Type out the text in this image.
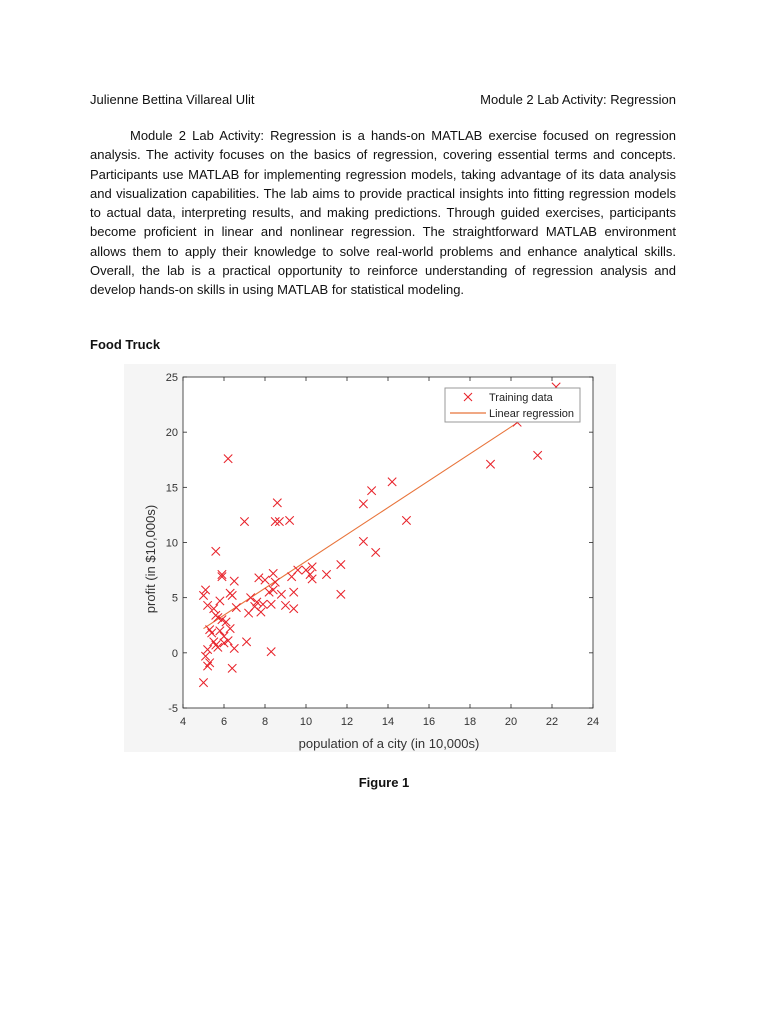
Julienne Bettina Villareal Ulit	Module 2 Lab Activity: Regression

Module 2 Lab Activity: Regression is a hands-on MATLAB exercise focused on regression analysis. The activity focuses on the basics of regression, covering essential terms and concepts. Participants use MATLAB for implementing regression models, taking advantage of its data analysis and visualization capabilities. The lab aims to provide practical insights into fitting regression models to actual data, interpreting results, and making predictions. Through guided exercises, participants become proficient in linear and nonlinear regression. The straightforward MATLAB environment allows them to apply their knowledge to solve real-world problems and enhance analytical skills. Overall, the lab is a practical opportunity to reinforce understanding of regression analysis and develop hands-on skills in using MATLAB for statistical modeling.

Food Truck
4	6	8	10	12	14	16	18	20	22	24
-5
0
5
10
15
20
25
population of a city (in 10,000s)
profit (in $10,000s)
Training data
Linear regression
Figure 1
